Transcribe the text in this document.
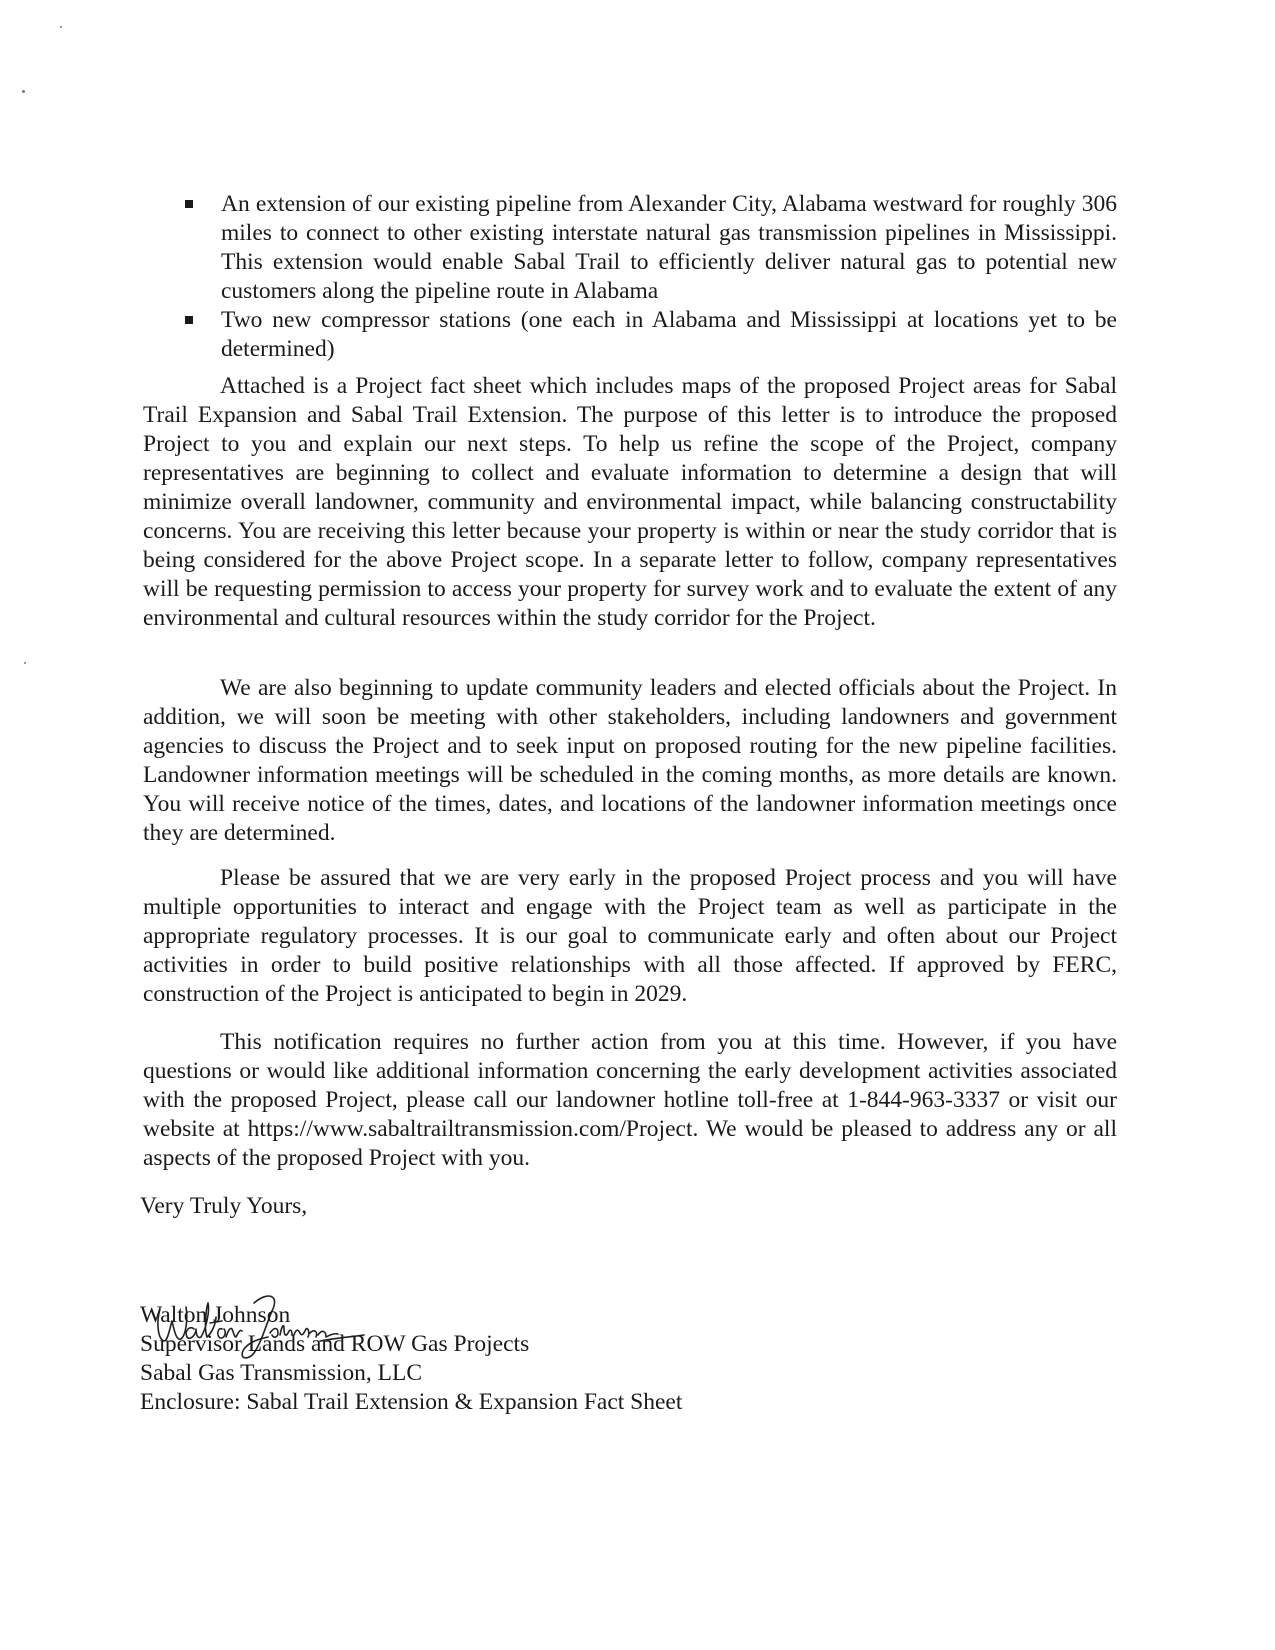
An extension of our existing pipeline from Alexander City, Alabama westward for roughly 306 miles to connect to other existing interstate natural gas transmission pipelines in Mississippi. This extension would enable Sabal Trail to efficiently deliver natural gas to potential new customers along the pipeline route in Alabama
Two new compressor stations (one each in Alabama and Mississippi at locations yet to be determined)

Attached is a Project fact sheet which includes maps of the proposed Project areas for Sabal Trail Expansion and Sabal Trail Extension. The purpose of this letter is to introduce the proposed Project to you and explain our next steps. To help us refine the scope of the Project, company representatives are beginning to collect and evaluate information to determine a design that will minimize overall landowner, community and environmental impact, while balancing constructability concerns. You are receiving this letter because your property is within or near the study corridor that is being considered for the above Project scope. In a separate letter to follow, company representatives will be requesting permission to access your property for survey work and to evaluate the extent of any environmental and cultural resources within the study corridor for the Project.

We are also beginning to update community leaders and elected officials about the Project. In addition, we will soon be meeting with other stakeholders, including landowners and government agencies to discuss the Project and to seek input on proposed routing for the new pipeline facilities. Landowner information meetings will be scheduled in the coming months, as more details are known. You will receive notice of the times, dates, and locations of the landowner information meetings once they are determined.

Please be assured that we are very early in the proposed Project process and you will have multiple opportunities to interact and engage with the Project team as well as participate in the appropriate regulatory processes. It is our goal to communicate early and often about our Project activities in order to build positive relationships with all those affected. If approved by FERC, construction of the Project is anticipated to begin in 2029.

This notification requires no further action from you at this time. However, if you have questions or would like additional information concerning the early development activities associated with the proposed Project, please call our landowner hotline toll-free at 1-844-963-3337 or visit our website at https://www.sabaltrailtransmission.com/Project. We would be pleased to address any or all aspects of the proposed Project with you.

Very Truly Yours,
Walton Johnson
Supervisor Lands and ROW Gas Projects
Sabal Gas Transmission, LLC
Enclosure: Sabal Trail Extension & Expansion Fact Sheet
